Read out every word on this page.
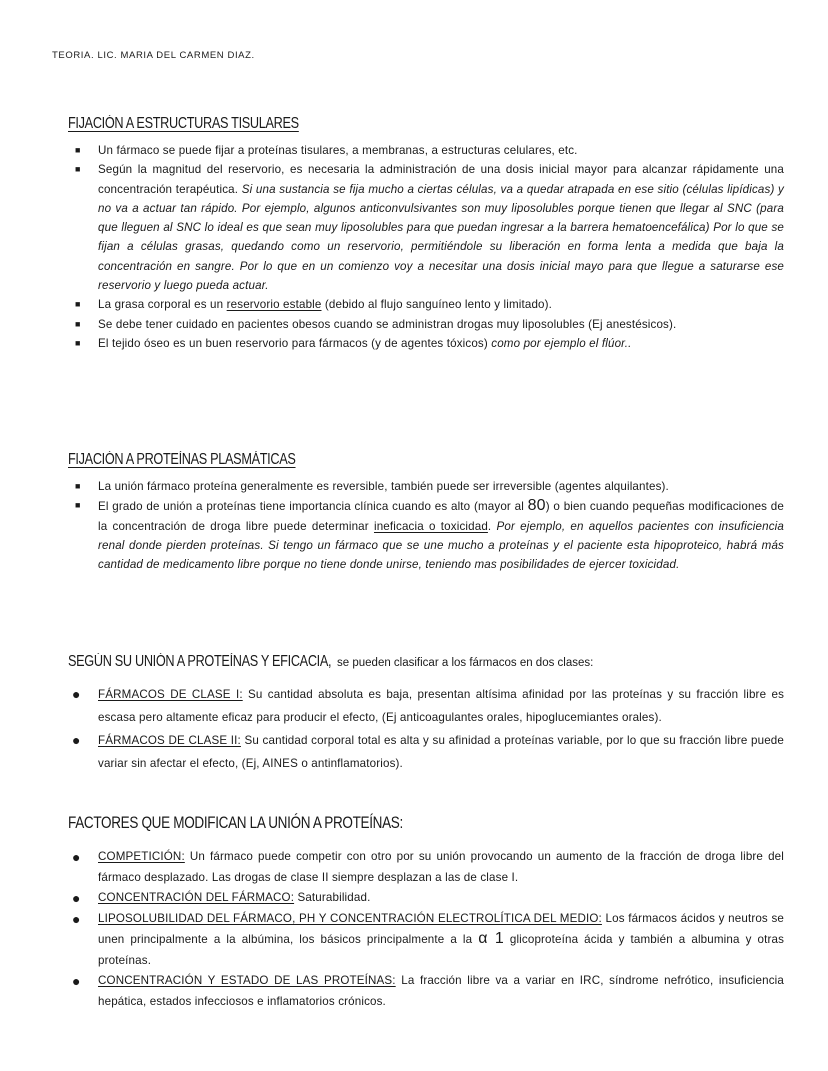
TEORIA. LIC. MARIA DEL CARMEN DIAZ.
FIJACIÓN A ESTRUCTURAS TISULARES
■ Un fármaco se puede fijar a proteínas tisulares, a membranas, a estructuras celulares, etc.
■ Según la magnitud del reservorio, es necesaria la administración de una dosis inicial mayor para alcanzar rápidamente una concentración terapéutica. Si una sustancia se fija mucho a ciertas células, va a quedar atrapada en ese sitio (células lipídicas) y no va a actuar tan rápido. Por ejemplo, algunos anticonvulsivantes son muy liposolubles porque tienen que llegar al SNC (para que lleguen al SNC lo ideal es que sean muy liposolubles para que puedan ingresar a la barrera hematoencefálica) Por lo que se fijan a células grasas, quedando como un reservorio, permitiéndole su liberación en forma lenta a medida que baja la concentración en sangre. Por lo que en un comienzo voy a necesitar una dosis inicial mayo para que llegue a saturarse ese reservorio y luego pueda actuar.
■ La grasa corporal es un reservorio estable (debido al flujo sanguíneo lento y limitado).
■ Se debe tener cuidado en pacientes obesos cuando se administran drogas muy liposolubles (Ej anestésicos).
■ El tejido óseo es un buen reservorio para fármacos (y de agentes tóxicos) como por ejemplo el flúor..
FIJACIÓN A PROTEÍNAS PLASMÁTICAS
■ La unión fármaco proteína generalmente es reversible, también puede ser irreversible (agentes alquilantes).
■ El grado de unión a proteínas tiene importancia clínica cuando es alto (mayor al 80) o bien cuando pequeñas modificaciones de la concentración de droga libre puede determinar ineficacia o toxicidad. Por ejemplo, en aquellos pacientes con insuficiencia renal donde pierden proteínas. Si tengo un fármaco que se une mucho a proteínas y el paciente esta hipoproteico, habrá más cantidad de medicamento libre porque no tiene donde unirse, teniendo mas posibilidades de ejercer toxicidad.
SEGÚN SU UNIÓN A PROTEÍNAS Y EFICACIA, se pueden clasificar a los fármacos en dos clases:
● FÁRMACOS DE CLASE I: Su cantidad absoluta es baja, presentan altísima afinidad por las proteínas y su fracción libre es escasa pero altamente eficaz para producir el efecto, (Ej anticoagulantes orales, hipoglucemiantes orales).
● FÁRMACOS DE CLASE II: Su cantidad corporal total es alta y su afinidad a proteínas variable, por lo que su fracción libre puede variar sin afectar el efecto, (Ej, AINES o antinflamatorios).
FACTORES QUE MODIFICAN LA UNIÓN A PROTEÍNAS:
● COMPETICIÓN: Un fármaco puede competir con otro por su unión provocando un aumento de la fracción de droga libre del fármaco desplazado. Las drogas de clase II siempre desplazan a las de clase I.
● CONCENTRACIÓN DEL FÁRMACO: Saturabilidad.
● LIPOSOLUBILIDAD DEL FÁRMACO, PH Y CONCENTRACIÓN ELECTROLÍTICA DEL MEDIO: Los fármacos ácidos y neutros se unen principalmente a la albúmina, los básicos principalmente a la α 1 glicoproteína ácida y también a albumina y otras proteínas.
● CONCENTRACIÓN Y ESTADO DE LAS PROTEÍNAS: La fracción libre va a variar en IRC, síndrome nefrótico, insuficiencia hepática, estados infecciosos e inflamatorios crónicos.
